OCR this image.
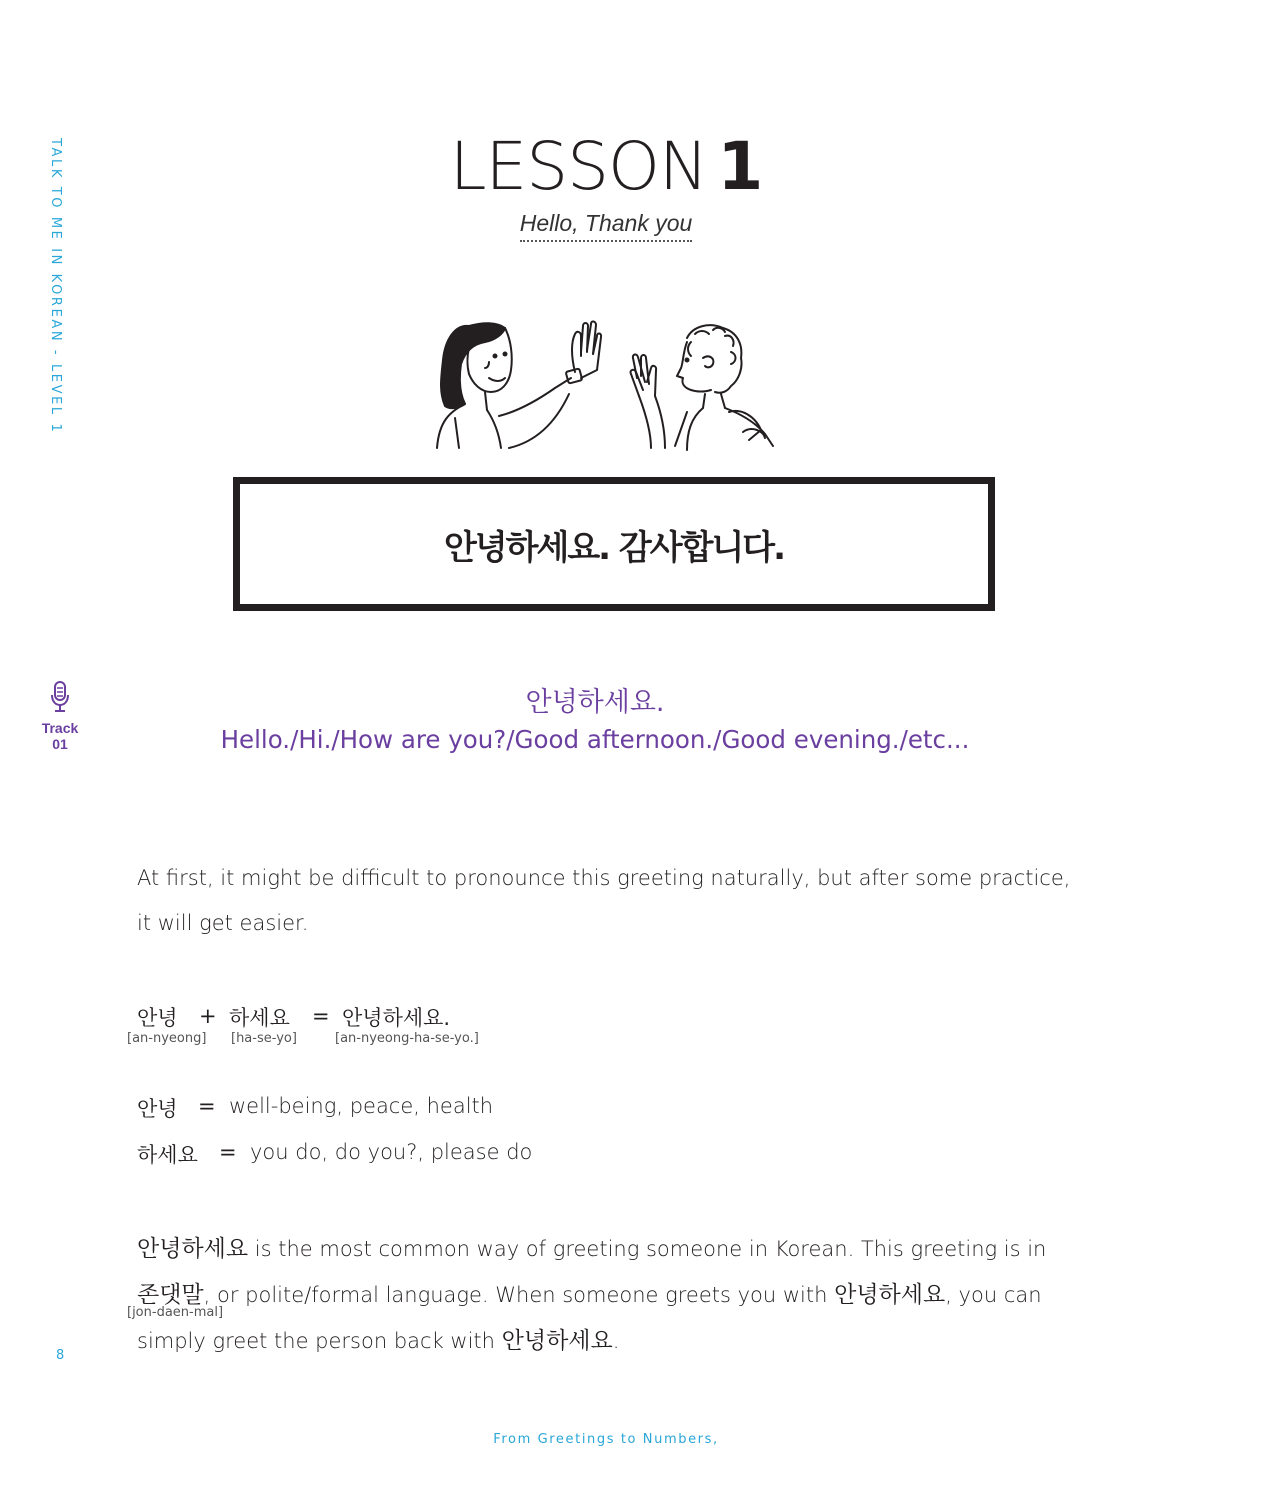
TALK TO ME IN KOREAN - LEVEL 1	LESSON 1
Hello, Thank you
안녕하세요. 감사합니다.
Track
01
안녕하세요.
Hello./Hi./How are you?/Good afternoon./Good evening./etc...
At first, it might be difficult to pronounce this greeting naturally, but after some practice,
it will get easier.
안녕
[an-nyeong]
+ 하세요
[ha-se-yo]
= 안녕하세요.
[an-nyeong-ha-se-yo.]
안녕 = well-being, peace, health
하세요 = you do, do you?, please do
안녕하세요 is the most common way of greeting someone in Korean. This greeting is in
존댓말, or polite/formal language. When someone greets you with 안녕하세요, you can
[jon-daen-mal]
simply greet the person back with 안녕하세요.
8
From Greetings to Numbers,
